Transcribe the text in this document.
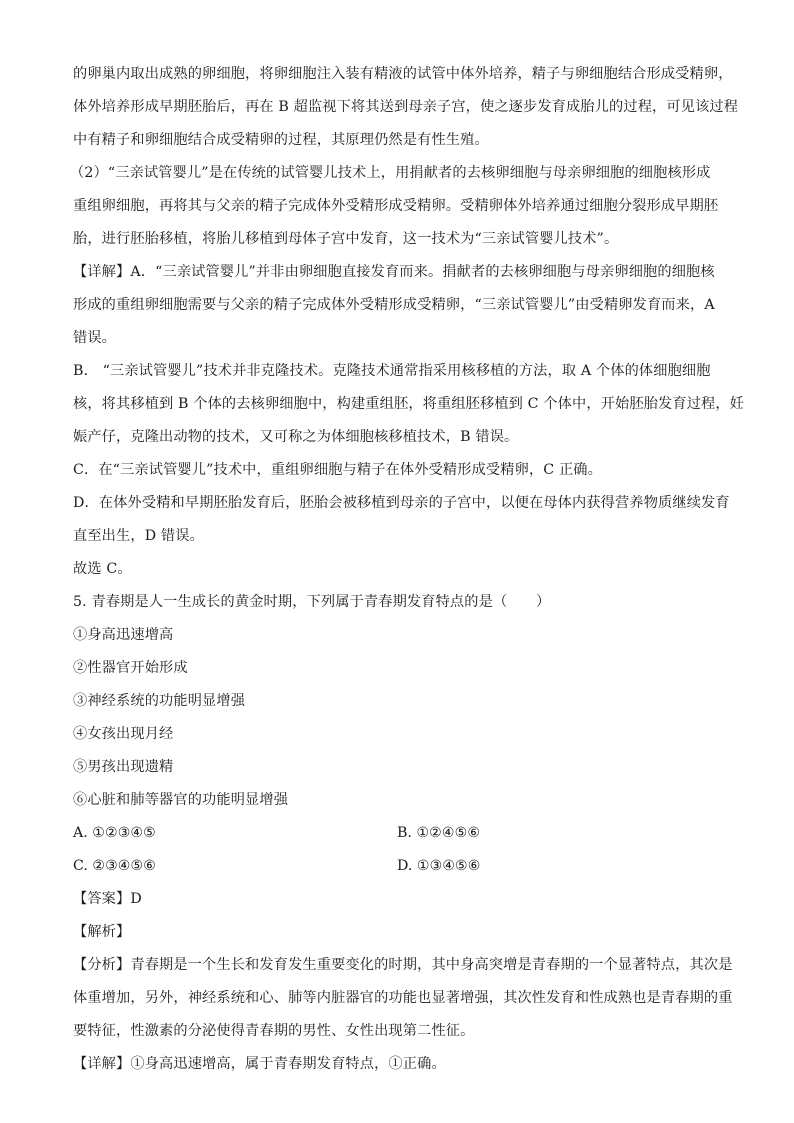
的卵巢内取出成熟的卵细胞，将卵细胞注入装有精液的试管中体外培养，精子与卵细胞结合形成受精卵，
体外培养形成早期胚胎后，再在 B 超监视下将其送到母亲子宫，使之逐步发育成胎儿的过程，可见该过程
中有精子和卵细胞结合成受精卵的过程，其原理仍然是有性生殖。
（2）“三亲试管婴儿”是在传统的试管婴儿技术上，用捐献者的去核卵细胞与母亲卵细胞的细胞核形成
重组卵细胞，再将其与父亲的精子完成体外受精形成受精卵。受精卵体外培养通过细胞分裂形成早期胚
胎，进行胚胎移植，将胎儿移植到母体子宫中发育，这一技术为“三亲试管婴儿技术”。
【详解】A．“三亲试管婴儿”并非由卵细胞直接发育而来。捐献者的去核卵细胞与母亲卵细胞的细胞核
形成的重组卵细胞需要与父亲的精子完成体外受精形成受精卵，“三亲试管婴儿”由受精卵发育而来，A
错误。
B． “三亲试管婴儿”技术并非克隆技术。克隆技术通常指采用核移植的方法，取 A 个体的体细胞细胞
核，将其移植到 B 个体的去核卵细胞中，构建重组胚，将重组胚移植到 C 个体中，开始胚胎发育过程，妊
娠产仔，克隆出动物的技术，又可称之为体细胞核移植技术，B 错误。
C．在“三亲试管婴儿”技术中，重组卵细胞与精子在体外受精形成受精卵，C 正确。
D．在体外受精和早期胚胎发育后，胚胎会被移植到母亲的子宫中，以便在母体内获得营养物质继续发育
直至出生，D 错误。
故选 C。
5. 青春期是人一生成长的黄金时期，下列属于青春期发育特点的是（　　）
①身高迅速增高
②性器官开始形成
③神经系统的功能明显增强
④女孩出现月经
⑤男孩出现遗精
⑥心脏和肺等器官的功能明显增强
A. ①②③④⑤	B. ①②④⑤⑥
C. ②③④⑤⑥	D. ①③④⑤⑥
【答案】D
【解析】
【分析】青春期是一个生长和发育发生重要变化的时期，其中身高突增是青春期的一个显著特点，其次是
体重增加，另外，神经系统和心、肺等内脏器官的功能也显著增强，其次性发育和性成熟也是青春期的重
要特征，性激素的分泌使得青春期的男性、女性出现第二性征。
【详解】①身高迅速增高，属于青春期发育特点，①正确。
